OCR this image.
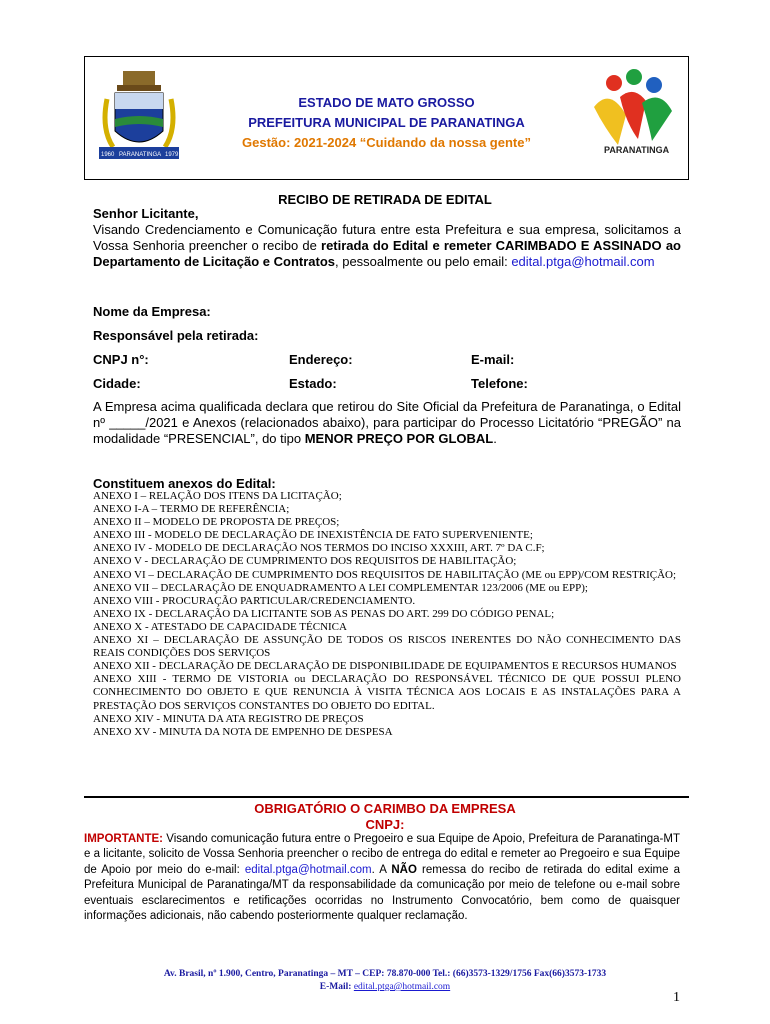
1960 PARANATINGA 1979
ESTADO DE MATO GROSSO
PREFEITURA MUNICIPAL DE PARANATINGA
Gestão: 2021-2024 “Cuidando da nossa gente”	PARANATINGA
RECIBO DE RETIRADA DE EDITAL
Senhor Licitante,
Visando Credenciamento e Comunicação futura entre esta Prefeitura e sua empresa, solicitamos a Vossa Senhoria preencher o recibo de retirada do Edital e remeter CARIMBADO E ASSINADO ao Departamento de Licitação e Contratos, pessoalmente ou pelo email: edital.ptga@hotmail.com
Nome da Empresa:
Responsável pela retirada:
CNPJ n°:	Endereço:	E-mail:
Cidade:	Estado:	Telefone:
A Empresa acima qualificada declara que retirou do Site Oficial da Prefeitura de Paranatinga, o Edital nº _____/2021 e Anexos (relacionados abaixo), para participar do Processo Licitatório “PREGÃO” na modalidade “PRESENCIAL”, do tipo MENOR PREÇO POR GLOBAL.
Constituem anexos do Edital:
ANEXO I – RELAÇÃO DOS ITENS DA LICITAÇÃO;
ANEXO I-A – TERMO DE REFERÊNCIA;
ANEXO II – MODELO DE PROPOSTA DE PREÇOS;
ANEXO III - MODELO DE DECLARAÇÃO DE INEXISTÊNCIA DE FATO SUPERVENIENTE;
ANEXO IV - MODELO DE DECLARAÇÃO NOS TERMOS DO INCISO XXXIII, ART. 7º DA C.F;
ANEXO V - DECLARAÇÃO DE CUMPRIMENTO DOS REQUISITOS DE HABILITAÇÃO;
ANEXO VI – DECLARAÇÃO DE CUMPRIMENTO DOS REQUISITOS DE HABILITAÇÃO (ME ou EPP)/COM RESTRIÇÃO;
ANEXO VII – DECLARAÇÃO DE ENQUADRAMENTO A LEI COMPLEMENTAR 123/2006 (ME ou EPP);
ANEXO VIII - PROCURAÇÃO PARTICULAR/CREDENCIAMENTO.
ANEXO IX - DECLARAÇÃO DA LICITANTE SOB AS PENAS DO ART. 299 DO CÓDIGO PENAL;
ANEXO X - ATESTADO DE CAPACIDADE TÉCNICA
ANEXO XI – DECLARAÇÃO DE ASSUNÇÃO DE TODOS OS RISCOS INERENTES DO NÃO CONHECIMENTO DAS REAIS CONDIÇÕES DOS SERVIÇOS
ANEXO XII - DECLARAÇÃO DE DECLARAÇÃO DE DISPONIBILIDADE DE EQUIPAMENTOS E RECURSOS HUMANOS
ANEXO XIII - TERMO DE VISTORIA ou DECLARAÇÃO DO RESPONSÁVEL TÉCNICO DE QUE POSSUI PLENO CONHECIMENTO DO OBJETO E QUE RENUNCIA À VISITA TÉCNICA AOS LOCAIS E AS INSTALAÇÕES PARA A PRESTAÇÃO DOS SERVIÇOS CONSTANTES DO OBJETO DO EDITAL.
ANEXO XIV - MINUTA DA ATA REGISTRO DE PREÇOS
ANEXO XV - MINUTA DA NOTA DE EMPENHO DE DESPESA
OBRIGATÓRIO O CARIMBO DA EMPRESA
CNPJ:
IMPORTANTE: Visando comunicação futura entre o Pregoeiro e sua Equipe de Apoio, Prefeitura de Paranatinga-MT e a licitante, solicito de Vossa Senhoria preencher o recibo de entrega do edital e remeter ao Pregoeiro e sua Equipe de Apoio por meio do e-mail: edital.ptga@hotmail.com. A NÃO remessa do recibo de retirada do edital exime a Prefeitura Municipal de Paranatinga/MT da responsabilidade da comunicação por meio de telefone ou e-mail sobre eventuais esclarecimentos e retificações ocorridas no Instrumento Convocatório, bem como de quaisquer informações adicionais, não cabendo posteriormente qualquer reclamação.
Av. Brasil, nº 1.900, Centro, Paranatinga – MT – CEP: 78.870-000 Tel.: (66)3573-1329/1756 Fax(66)3573-1733
E-Mail: edital.ptga@hotmail.com
1
